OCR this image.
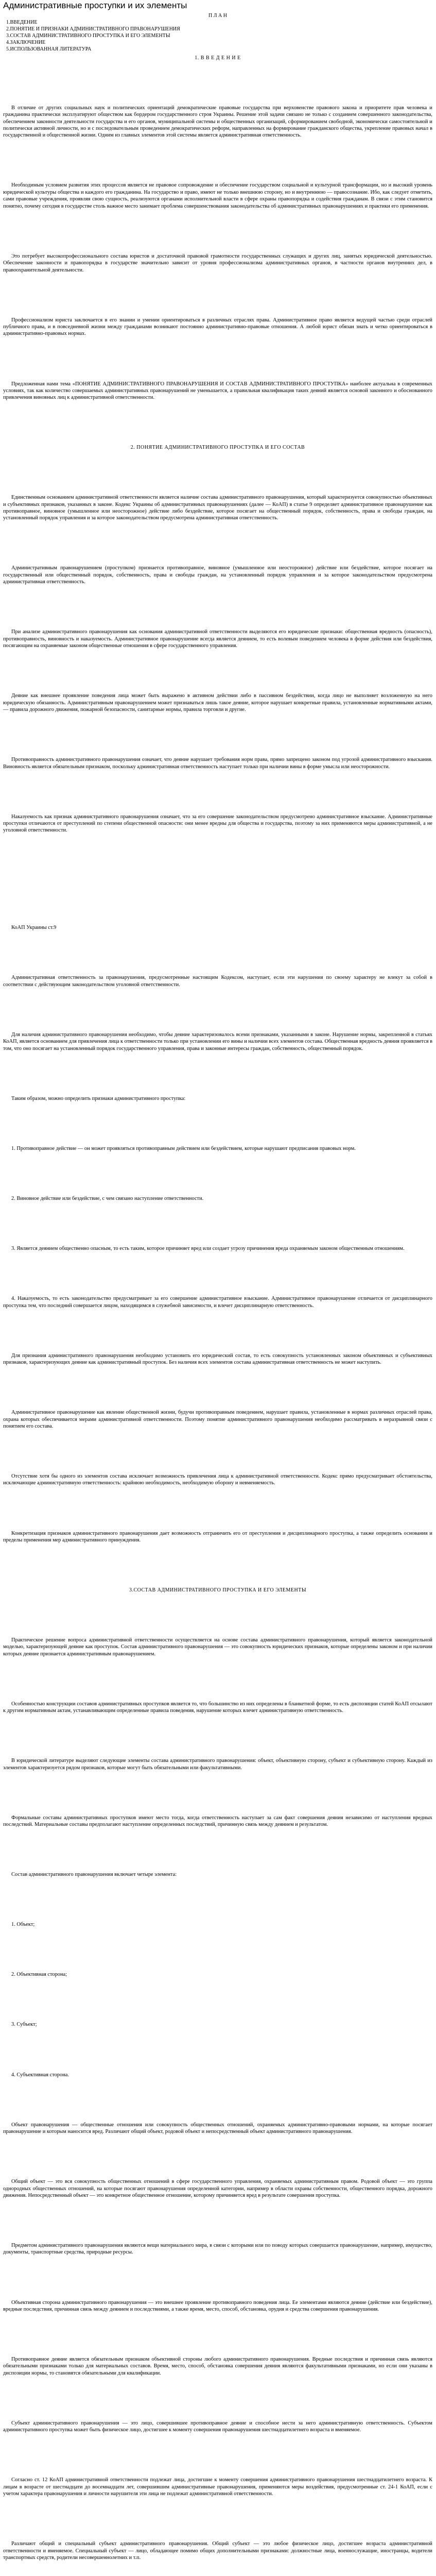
Административные проступки и их элементы
П Л А Н
1.ВВЕДЕНИЕ
2.ПОНЯТИЕ И ПРИЗНАКИ АДМИНИСТРАТИВНОГО ПРАВОНАРУШЕНИЯ
3.СОСТАВ АДМИНИСТРАТИВНОГО ПРОСТУПКА И ЕГО ЭЛЕМЕНТЫ
4.ЗАКЛЮЧЕНИЕ
5.ИСПОЛЬЗОВАННАЯ ЛИТЕРАТУРА
1. В В Е Д Е Н И Е

В отличие от других социальных наук и политических ориентаций демократические правовые государства при верховенстве правового закона и приоритете прав человека и гражданина практически эксплуатируют обществом как бордером государственного строя Украины. Решение этой задачи связано не только с созданием совершенного законодательства, обеспечением законности деятельности государства и его органов, муниципальной системы и общественных организаций, сформированием свободной, экономически самостоятельной и политически активной личности, но и с последовательным проведением демократических реформ, направленных на формирование гражданского общества, укрепление правовых начал в государственной и общественной жизни. Одним из главных элементов этой системы является административная ответственность.

Необходимым условием развития этих процессов является не правовое сопровождение и обеспечение государством социальной и культурной трансформации, но и высокий уровень юридической культуры общества и каждого его гражданина. На государство и право, имеют не только внешнюю сторону, но и внутреннюю — правосознание. Ибо, как следует отметить, сами правовые учреждения, проявляя свою сущность, реализуются органами исполнительной власти в сфере охраны правопорядка и содействия гражданам. В связи с этим становится понятно, почему сегодня в государстве столь важное место занимает проблема совершенствования законодательства об административных правонарушениях и практики его применения.

Это потребует высокопрофессионального состава юристов и достаточной правовой грамотности государственных служащих и других лиц, занятых юридической деятельностью. Обеспечение законности и правопорядка в государстве значительно зависит от уровня профессионализма административных органов, в частности органов внутренних дел, в правоохранительной деятельности.

Профессионализм юриста заключается в его знании и умении ориентироваться в различных отраслях права. Административное право является ведущей частью среди отраслей публичного права, и в повседневной жизни между гражданами возникают постоянно административно-правовые отношения. А любой юрист обязан знать и четко ориентироваться в административно-правовых нормах.

Предложенная нами тема «ПОНЯТИЕ АДМИНИСТРАТИВНОГО ПРАВОНАРУШЕНИЯ И СОСТАВ АДМИНИСТРАТИВНОГО ПРОСТУПКА» наиболее актуальна в современных условиях, так как количество совершаемых административных правонарушений не уменьшается, а правильная квалификация таких деяний является основой законного и обоснованного привлечения виновных лиц к административной ответственности.

2. ПОНЯТИЕ АДМИНИСТРАТИВНОГО ПРОСТУПКА И ЕГО СОСТАВ

Единственным основанием административной ответственности является наличие состава административного правонарушения, который характеризуется совокупностью объективных и субъективных признаков, указанных в законе. Кодекс Украины об административных правонарушениях (далее — КоАП) в статье 9 определяет административное правонарушение как противоправное, виновное (умышленное или неосторожное) действие либо бездействие, которое посягает на общественный порядок, собственность, права и свободы граждан, на установленный порядок управления и за которое законодательством предусмотрена административная ответственность.

Административным правонарушением (проступком) признается противоправное, виновное (умышленное или неосторожное) действие или бездействие, которое посягает на государственный или общественный порядок, собственность, права и свободы граждан, на установленный порядок управления и за которое законодательством предусмотрена административная ответственность.

При анализе административного правонарушения как основания административной ответственности выделяются его юридические признаки: общественная вредность (опасность), противоправность, виновность и наказуемость. Административное правонарушение всегда является деянием, то есть волевым поведением человека в форме действия или бездействия, посягающим на охраняемые законом общественные отношения в сфере государственного управления.

Деяние как внешнее проявление поведения лица может быть выражено в активном действии либо в пассивном бездействии, когда лицо не выполняет возложенную на него юридическую обязанность. Административным правонарушением может признаваться лишь такое деяние, которое нарушает конкретные правила, установленные нормативными актами, — правила дорожного движения, пожарной безопасности, санитарные нормы, правила торговли и другие.

Противоправность административного правонарушения означает, что деяние нарушает требования норм права, прямо запрещено законом под угрозой административного взыскания. Виновность является обязательным признаком, поскольку административная ответственность наступает только при наличии вины в форме умысла или неосторожности.

Наказуемость как признак административного правонарушения означает, что за его совершение законодательством предусмотрено административное взыскание. Административные проступки отличаются от преступлений по степени общественной опасности: они менее вредны для общества и государства, поэтому за них применяются меры административной, а не уголовной ответственности.

КоАП Украины ст.9

Административная ответственность за правонарушения, предусмотренные настоящим Кодексом, наступает, если эти нарушения по своему характеру не влекут за собой в соответствии с действующим законодательством уголовной ответственности.

Для наличия административного правонарушения необходимо, чтобы деяние характеризовалось всеми признаками, указанными в законе. Нарушение нормы, закрепленной в статьях КоАП, является основанием для привлечения лица к ответственности только при установлении его вины и наличии всех элементов состава. Общественная вредность деяния проявляется в том, что оно посягает на установленный порядок государственного управления, права и законные интересы граждан, собственность, общественный порядок.

Таким образом, можно определить признаки административного проступка:

1. Противоправное действие — он может проявляться противоправным действием или бездействием, которые нарушают предписания правовых норм.

2. Виновное действие или бездействие, с чем связано наступление ответственности.

3. Является деянием общественно опасным, то есть таким, которое причиняет вред или создает угрозу причинения вреда охраняемым законом общественным отношениям.

4. Наказуемость, то есть законодательство предусматривает за его совершение административное взыскание. Административное правонарушение отличается от дисциплинарного проступка тем, что последний совершается лицом, находящимся в служебной зависимости, и влечет дисциплинарную ответственность.

Для признания административного правонарушения необходимо установить его юридический состав, то есть совокупность установленных законом объективных и субъективных признаков, характеризующих деяние как административный проступок. Без наличия всех элементов состава административная ответственность не может наступить.

Административное правонарушение как явление общественной жизни, будучи противоправным поведением, нарушает правила, установленные в нормах различных отраслей права, охрана которых обеспечивается мерами административной ответственности. Поэтому понятие административного правонарушения необходимо рассматривать в неразрывной связи с понятием его состава.

Отсутствие хотя бы одного из элементов состава исключает возможность привлечения лица к административной ответственности. Кодекс прямо предусматривает обстоятельства, исключающие административную ответственность: крайнюю необходимость, необходимую оборону и невменяемость.

Конкретизация признаков административного правонарушения дает возможность отграничить его от преступления и дисциплинарного проступка, а также определить основания и пределы применения мер административного принуждения.

3.СОСТАВ АДМИНИСТРАТИВНОГО ПРОСТУПКА И ЕГО ЭЛЕМЕНТЫ

Практическое решение вопроса административной ответственности осуществляется на основе состава административного правонарушения, который является законодательной моделью, характеризующей деяние как проступок. Состав административного правонарушения — это совокупность юридических признаков, которые определены законом и при наличии которых деяние признается административным правонарушением.

Особенностью конструкции составов административных проступков является то, что большинство из них определены в бланкетной форме, то есть диспозиции статей КоАП отсылают к другим нормативным актам, устанавливающим определенные правила поведения, нарушение которых влечет административную ответственность.

В юридической литературе выделяют следующие элементы состава административного правонарушения: объект, объективную сторону, субъект и субъективную сторону. Каждый из элементов характеризуется рядом признаков, которые могут быть обязательными или факультативными.

Формальные составы административных проступков имеют место тогда, когда ответственность наступает за сам факт совершения деяния независимо от наступления вредных последствий. Материальные составы предполагают наступление определенных последствий, причинную связь между деянием и результатом.

Состав административного правонарушения включает четыре элемента:

1. Объект;

2. Объективная сторона;

3. Субъект;

4. Субъективная сторона.

Объект правонарушения — общественные отношения или совокупность общественных отношений, охраняемых административно-правовыми нормами, на которые посягает правонарушение и которым наносится вред. Различают общий объект, родовой объект и непосредственный объект административного правонарушения.

Общий объект — это вся совокупность общественных отношений в сфере государственного управления, охраняемых административным правом. Родовой объект — это группа однородных общественных отношений, на которые посягают правонарушения определенной категории, например в области охраны собственности, общественного порядка, дорожного движения. Непосредственный объект — это конкретное общественное отношение, которому причиняется вред в результате совершения проступка.

Предметом административного правонарушения являются вещи материального мира, в связи с которыми или по поводу которых совершается правонарушение, например, имущество, документы, транспортные средства, природные ресурсы.

Объективная сторона административного правонарушения — это внешнее проявление противоправного поведения лица. Ее элементами являются деяние (действие или бездействие), вредные последствия, причинная связь между деянием и последствиями, а также время, место, способ, обстановка, орудия и средства совершения правонарушения.

Противоправное деяние является обязательным признаком объективной стороны любого административного правонарушения. Вредные последствия и причинная связь являются обязательными признаками только для материальных составов. Время, место, способ, обстановка совершения деяния являются факультативными признаками, но если они указаны в диспозиции нормы, то становятся обязательными для квалификации.

Субъект административного правонарушения — это лицо, совершившее противоправное деяние и способное нести за него административную ответственность. Субъектом административного проступка может быть физическое лицо, достигшее к моменту совершения правонарушения шестнадцатилетнего возраста и вменяемое.

Согласно ст. 12 КоАП административной ответственности подлежат лица, достигшие к моменту совершения административного правонарушения шестнадцатилетнего возраста. К лицам в возрасте от шестнадцати до восемнадцати лет, совершившим административные правонарушения, применяются меры воздействия, предусмотренные ст. 24-1 КоАП, если с учетом характера правонарушения и личности нарушителя эти лица не подлежат административной ответственности.

Различают общий и специальный субъект административного правонарушения. Общий субъект — это любое физическое лицо, достигшее возраста административной ответственности и вменяемое. Специальный субъект — лицо, обладающее помимо общих дополнительными признаками: должностные лица, военнослужащие, иностранцы, водители транспортных средств, родители несовершеннолетних и т.п.
